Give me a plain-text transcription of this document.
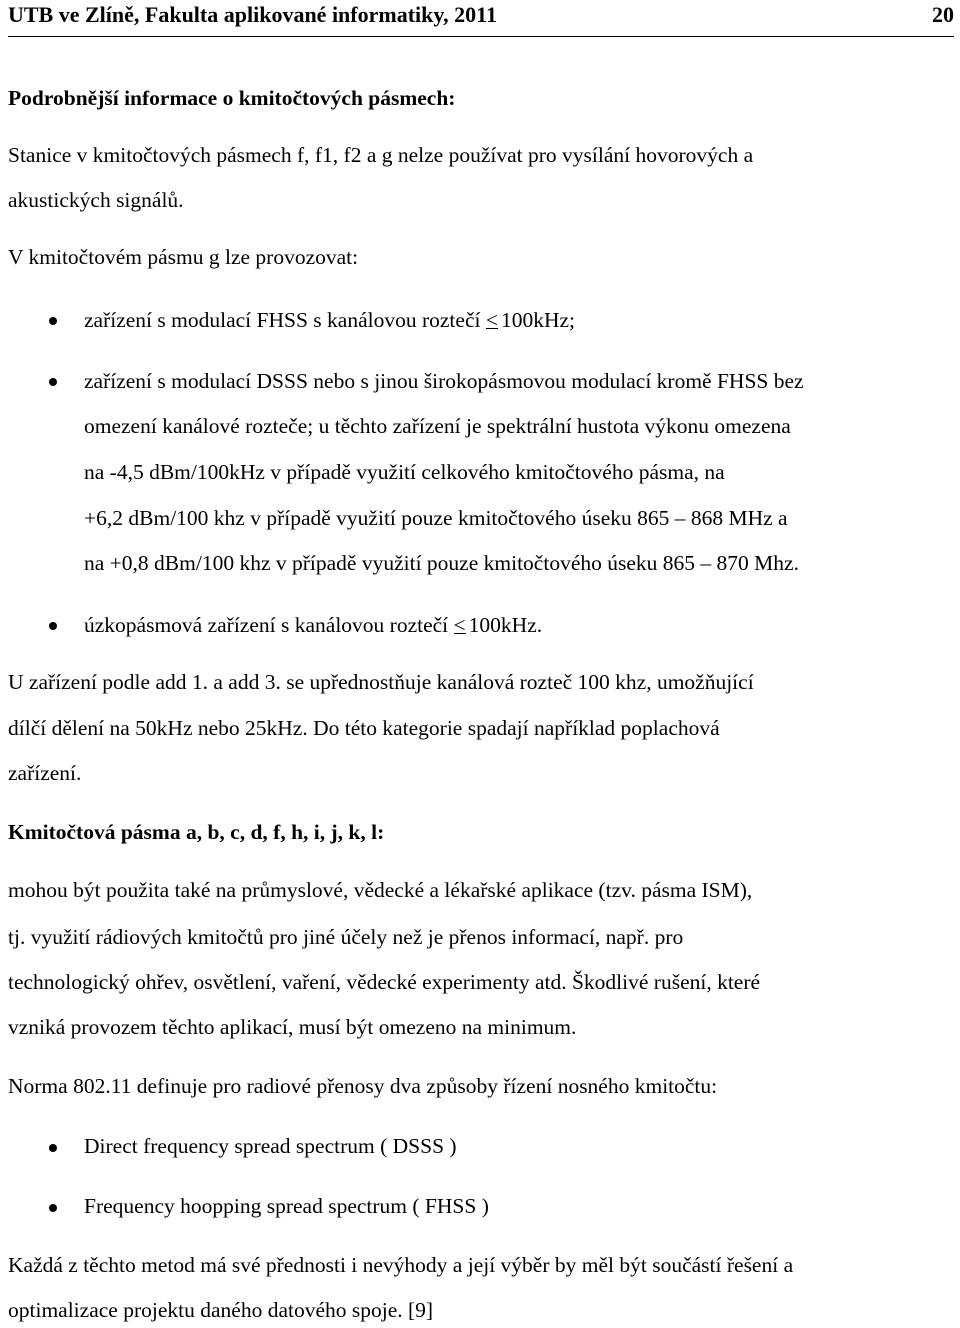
UTB ve Zlíně, Fakulta aplikované informatiky, 2011	20
Podrobnější informace o kmitočtových pásmech:
Stanice v kmitočtových pásmech f, f1, f2 a g nelze používat pro vysílání hovorových a
akustických signálů.
V kmitočtovém pásmu g lze provozovat:
zařízení s modulací FHSS s kanálovou roztečí < 100kHz;
zařízení s modulací DSSS nebo s jinou širokopásmovou modulací kromě FHSS bez
omezení kanálové rozteče; u těchto zařízení je spektrální hustota výkonu omezena
na -4,5 dBm/100kHz v případě využití celkového kmitočtového pásma, na
+6,2 dBm/100 khz v případě využití pouze kmitočtového úseku 865 – 868 MHz a
na +0,8 dBm/100 khz v případě využití pouze kmitočtového úseku 865 – 870 Mhz.
úzkopásmová zařízení s kanálovou roztečí < 100kHz.
U zařízení podle add 1. a add 3. se upřednostňuje kanálová rozteč 100 khz, umožňující
dílčí dělení na 50kHz nebo 25kHz. Do této kategorie spadají například poplachová
zařízení.
Kmitočtová pásma a, b, c, d, f, h, i, j, k, l:
mohou být použita také na průmyslové, vědecké a lékařské aplikace (tzv. pásma ISM),
tj. využití rádiových kmitočtů pro jiné účely než je přenos informací, např. pro
technologický ohřev, osvětlení, vaření, vědecké experimenty atd. Škodlivé rušení, které
vzniká provozem těchto aplikací, musí být omezeno na minimum.
Norma 802.11 definuje pro radiové přenosy dva způsoby řízení nosného kmitočtu:
Direct frequency spread spectrum ( DSSS )
Frequency hoopping spread spectrum ( FHSS )
Každá z těchto metod má své přednosti i nevýhody a její výběr by měl být součástí řešení a
optimalizace projektu daného datového spoje. [9]
